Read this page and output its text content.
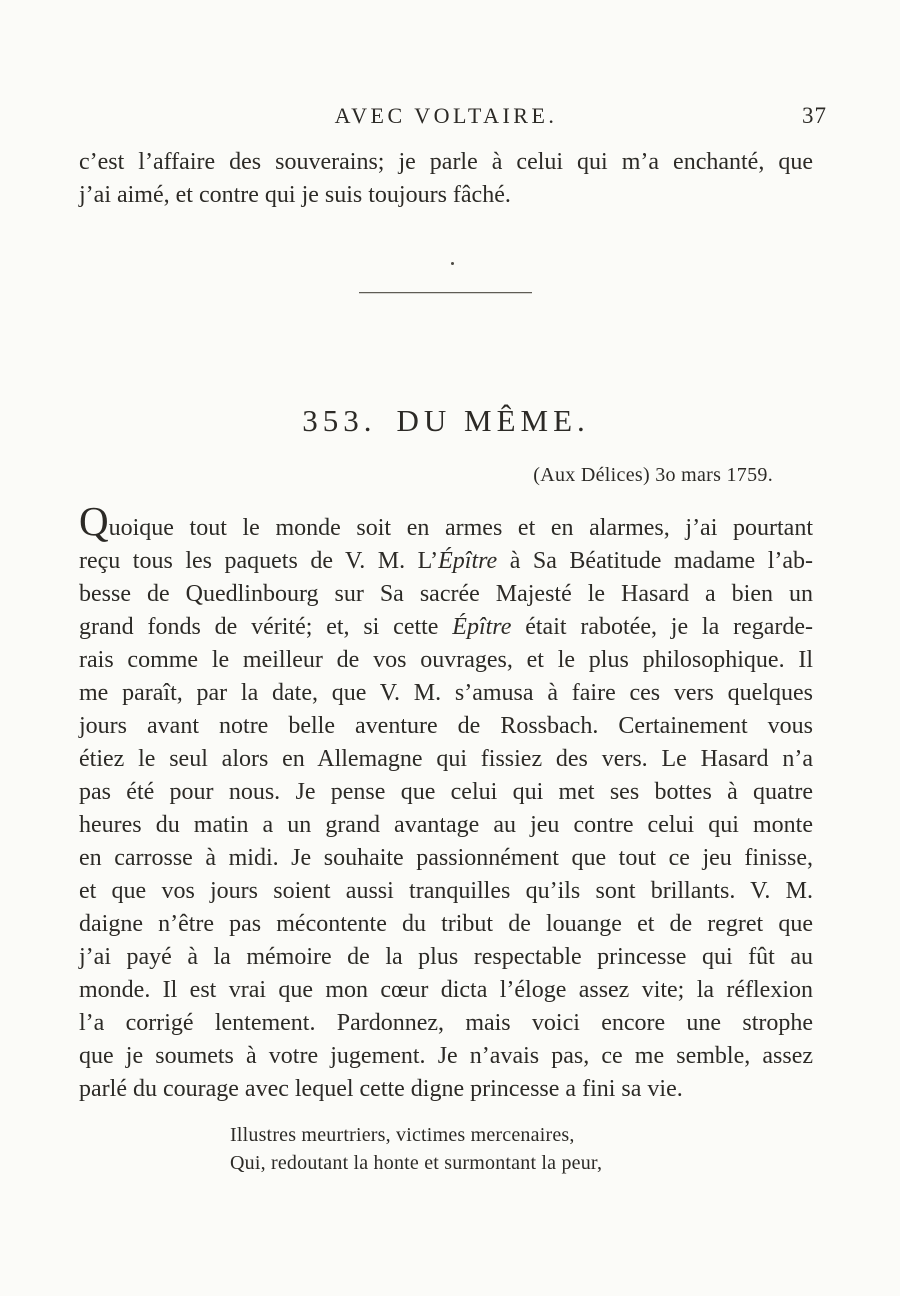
AVEC VOLTAIRE.	37
c’est l’affaire des souverains; je parle à celui qui m’a enchanté, que
j’ai aimé, et contre qui je suis toujours fâché.
353. DU MÊME.
(Aux Délices) 3o mars 1759.
Quoique tout le monde soit en armes et en alarmes, j’ai pourtant
reçu tous les paquets de V. M. L’Épître à Sa Béatitude madame l’ab-
besse de Quedlinbourg sur Sa sacrée Majesté le Hasard a bien un
grand fonds de vérité; et, si cette Épître était rabotée, je la regarde-
rais comme le meilleur de vos ouvrages, et le plus philosophique. Il
me paraît, par la date, que V. M. s’amusa à faire ces vers quelques
jours avant notre belle aventure de Rossbach. Certainement vous
étiez le seul alors en Allemagne qui fissiez des vers. Le Hasard n’a
pas été pour nous. Je pense que celui qui met ses bottes à quatre
heures du matin a un grand avantage au jeu contre celui qui monte
en carrosse à midi. Je souhaite passionnément que tout ce jeu finisse,
et que vos jours soient aussi tranquilles qu’ils sont brillants. V. M.
daigne n’être pas mécontente du tribut de louange et de regret que
j’ai payé à la mémoire de la plus respectable princesse qui fût au
monde. Il est vrai que mon cœur dicta l’éloge assez vite; la réflexion
l’a corrigé lentement. Pardonnez, mais voici encore une strophe
que je soumets à votre jugement. Je n’avais pas, ce me semble, assez
parlé du courage avec lequel cette digne princesse a fini sa vie.
Illustres meurtriers, victimes mercenaires,
Qui, redoutant la honte et surmontant la peur,
